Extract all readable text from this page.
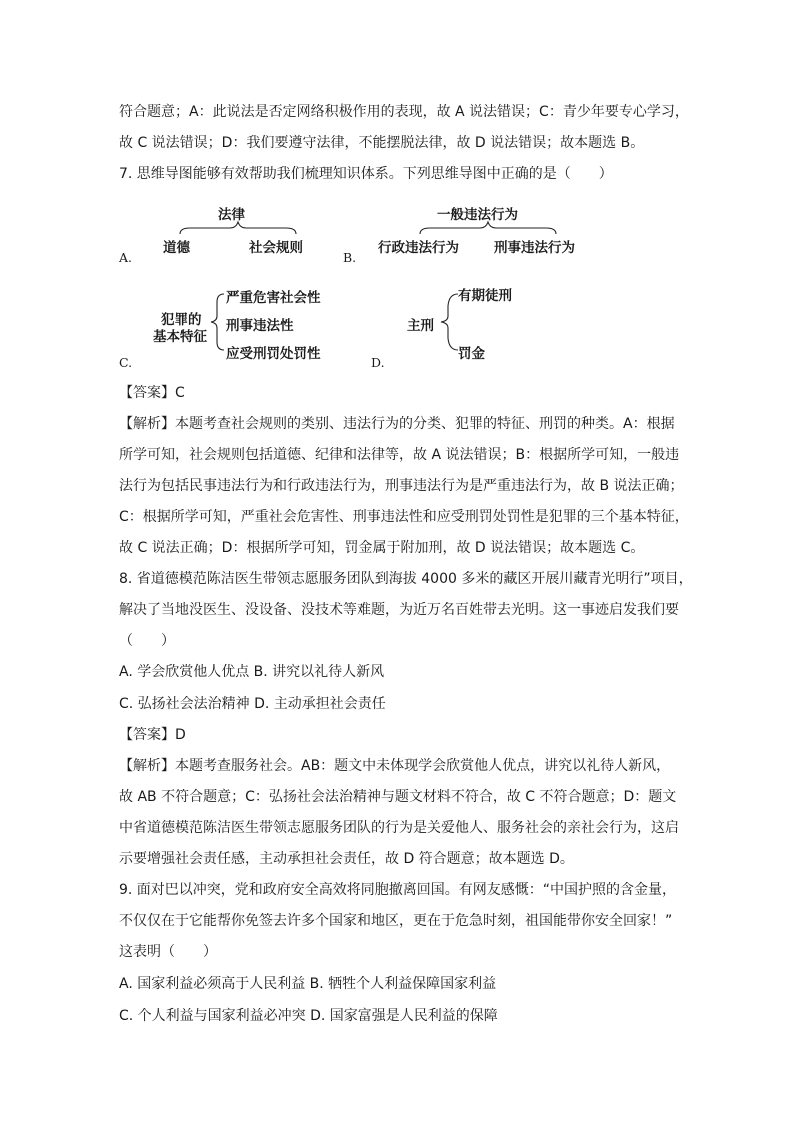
符合题意；A：此说法是否定网络积极作用的表现，故 A 说法错误；C：青少年要专心学习，
故 C 说法错误；D：我们要遵守法律，不能摆脱法律，故 D 说法错误；故本题选 B。
7. 思维导图能够有效帮助我们梳理知识体系。下列思维导图中正确的是（　　）
法律
道德	社会规则
A.
一般违法行为
行政违法行为	刑事违法行为
B.
犯罪的
基本特征
严重危害社会性
刑事违法性
应受刑罚处罚性
C.
主刑
有期徒刑
罚金
D.
【答案】C
【解析】本题考查社会规则的类别、违法行为的分类、犯罪的特征、刑罚的种类。A：根据
所学可知，社会规则包括道德、纪律和法律等，故 A 说法错误；B：根据所学可知，一般违
法行为包括民事违法行为和行政违法行为，刑事违法行为是严重违法行为，故 B 说法正确；
C：根据所学可知，严重社会危害性、刑事违法性和应受刑罚处罚性是犯罪的三个基本特征，
故 C 说法正确；D：根据所学可知，罚金属于附加刑，故 D 说法错误；故本题选 C。
8. 省道德模范陈洁医生带领志愿服务团队到海拔 4000 多米的藏区开展川藏青光明行”项目，
解决了当地没医生、没设备、没技术等难题，为近万名百姓带去光明。这一事迹启发我们要
（　　）
A. 学会欣赏他人优点 B. 讲究以礼待人新风
C. 弘扬社会法治精神 D. 主动承担社会责任
【答案】D
【解析】本题考查服务社会。AB：题文中未体现学会欣赏他人优点，讲究以礼待人新风，
故 AB 不符合题意；C：弘扬社会法治精神与题文材料不符合，故 C 不符合题意；D：题文
中省道德模范陈洁医生带领志愿服务团队的行为是关爱他人、服务社会的亲社会行为，这启
示要增强社会责任感，主动承担社会责任，故 D 符合题意；故本题选 D。
9. 面对巴以冲突，党和政府安全高效将同胞撤离回国。有网友感慨：“中国护照的含金量，
不仅仅在于它能帮你免签去许多个国家和地区，更在于危急时刻，祖国能带你安全回家！”
这表明（　　）
A. 国家利益必须高于人民利益 B. 牺牲个人利益保障国家利益
C. 个人利益与国家利益必冲突 D. 国家富强是人民利益的保障
